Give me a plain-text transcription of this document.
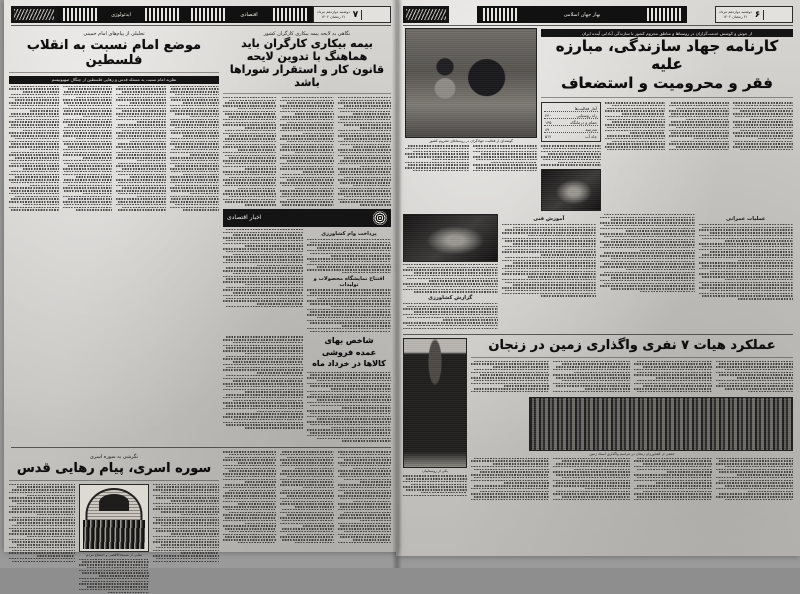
۶
دوشنبه دوازدهم مرداد
۲۱ رمضان ۱۴۰۲
بهار جهان اسلامی
از جوش و کوشش خدمت‌گزاران در روستاها و مناطق محروم کشور تا سازندگی آبادانی آینده ایران
کارنامه جهاد سازندگی، مبارزه علیه
فقر و محرومیت و استضعاف
آمار فعالیت‌ها
راه روستایی
۲۴۰
حمام و درمانگاه
۱۳۵
مدرسه
۸۹
چاه آب
۵۱۲
گوشه‌ای از فعالیت جهادگران در روستاهای محروم کشور
عملیات عمرانی
آموزش فنی
گزارش کشاورزی
عملکرد هیات ۷ نفری واگذاری زمین در زنجان
جمعی از کشاورزان زنجان در مراسم واگذاری اسناد زمین
یکی از روستاییان
۷
دوشنبه دوازدهم مرداد
۲۱ رمضان ۱۴۰۲
اقتصادی
ایدئولوژی
نگاهی به لایحه بیمه بیکاری کارگران کشور
بیمه بیکاری کارگران باید
هماهنگ با تدوین لایحه
قانون کار و استقرار شوراها باشد
اخبار اقتصادی
پرداخت وام کشاورزی
افتتاح نمایشگاه محصولات و تولیدات
شاخص بهای
عمده فروشی
کالاها در خرداد ماه
تحلیلی از پیام‌های امام خمینی
موضع امام نسبت به انقلاب فلسطین
نظریه امام نسبت به مسئله قدس و رهایی فلسطین از چنگال صهیونیسم
نگرشی به سوره اسری
سوره اسری، پیام رهایی قدس
نمایی از مسجدالاقصی و اجتماع مردم
